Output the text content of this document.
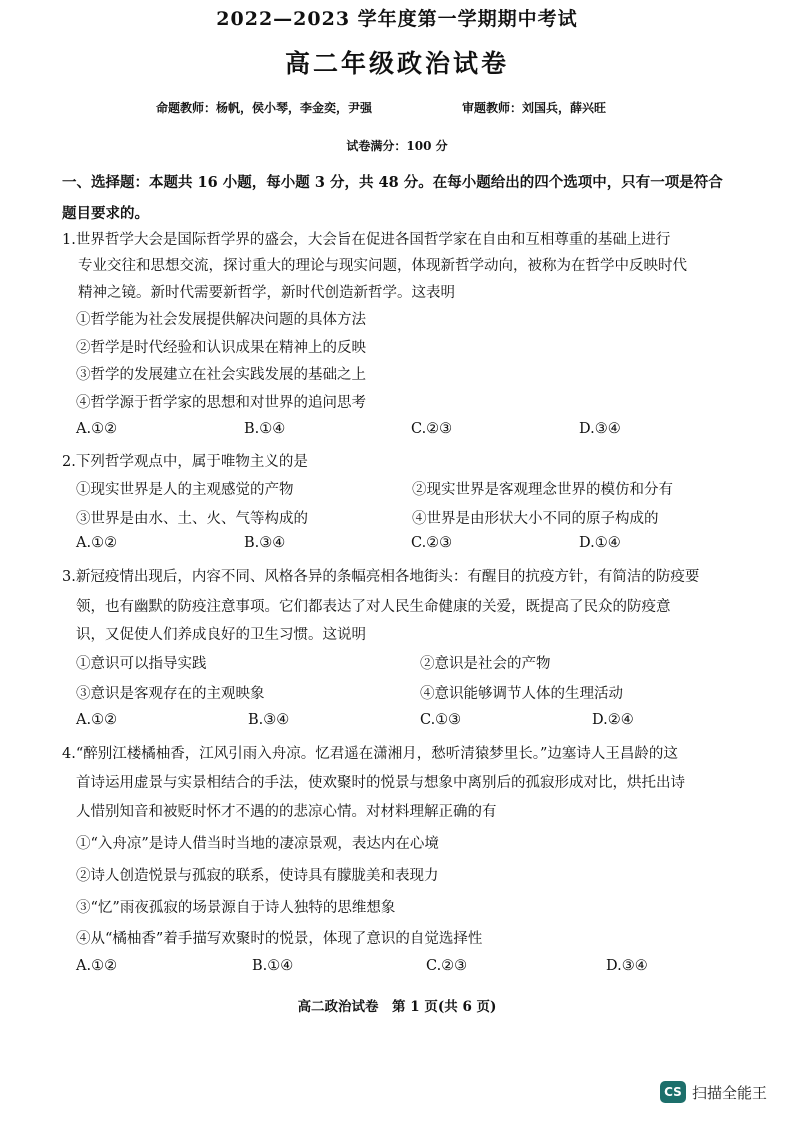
2022—2023 学年度第一学期期中考试
高二年级政治试卷
命题教师：杨帆，侯小琴，李金奕，尹强	审题教师：刘国兵，薛兴旺
试卷满分：100 分
一、选择题：本题共 16 小题，每小题 3 分，共 48 分。在每小题给出的四个选项中，只有一项是符合
题目要求的。
1.世界哲学大会是国际哲学界的盛会，大会旨在促进各国哲学家在自由和互相尊重的基础上进行
专业交往和思想交流，探讨重大的理论与现实问题，体现新哲学动向，被称为在哲学中反映时代
精神之镜。新时代需要新哲学，新时代创造新哲学。这表明
①哲学能为社会发展提供解决问题的具体方法
②哲学是时代经验和认识成果在精神上的反映
③哲学的发展建立在社会实践发展的基础之上
④哲学源于哲学家的思想和对世界的追问思考
A.①②	B.①④	C.②③	D.③④
2.下列哲学观点中，属于唯物主义的是
①现实世界是人的主观感觉的产物	②现实世界是客观理念世界的模仿和分有
③世界是由水、土、火、气等构成的	④世界是由形状大小不同的原子构成的
A.①②	B.③④	C.②③	D.①④
3.新冠疫情出现后，内容不同、风格各异的条幅亮相各地街头：有醒目的抗疫方针，有简洁的防疫要
领，也有幽默的防疫注意事项。它们都表达了对人民生命健康的关爱，既提高了民众的防疫意
识，又促使人们养成良好的卫生习惯。这说明
①意识可以指导实践	②意识是社会的产物
③意识是客观存在的主观映象	④意识能够调节人体的生理活动
A.①②	B.③④	C.①③	D.②④
4.“醉别江楼橘柚香，江风引雨入舟凉。忆君遥在潇湘月，愁听清猿梦里长。”边塞诗人王昌龄的这
首诗运用虚景与实景相结合的手法，使欢聚时的悦景与想象中离别后的孤寂形成对比，烘托出诗
人惜别知音和被贬时怀才不遇的的悲凉心情。对材料理解正确的有
①“入舟凉”是诗人借当时当地的凄凉景观，表达内在心境
②诗人创造悦景与孤寂的联系，使诗具有朦胧美和表现力
③“忆”雨夜孤寂的场景源自于诗人独特的思维想象
④从“橘柚香”着手描写欢聚时的悦景，体现了意识的自觉选择性
A.①②	B.①④	C.②③	D.③④
高二政治试卷　第 1 页(共 6 页)
CS 扫描全能王
